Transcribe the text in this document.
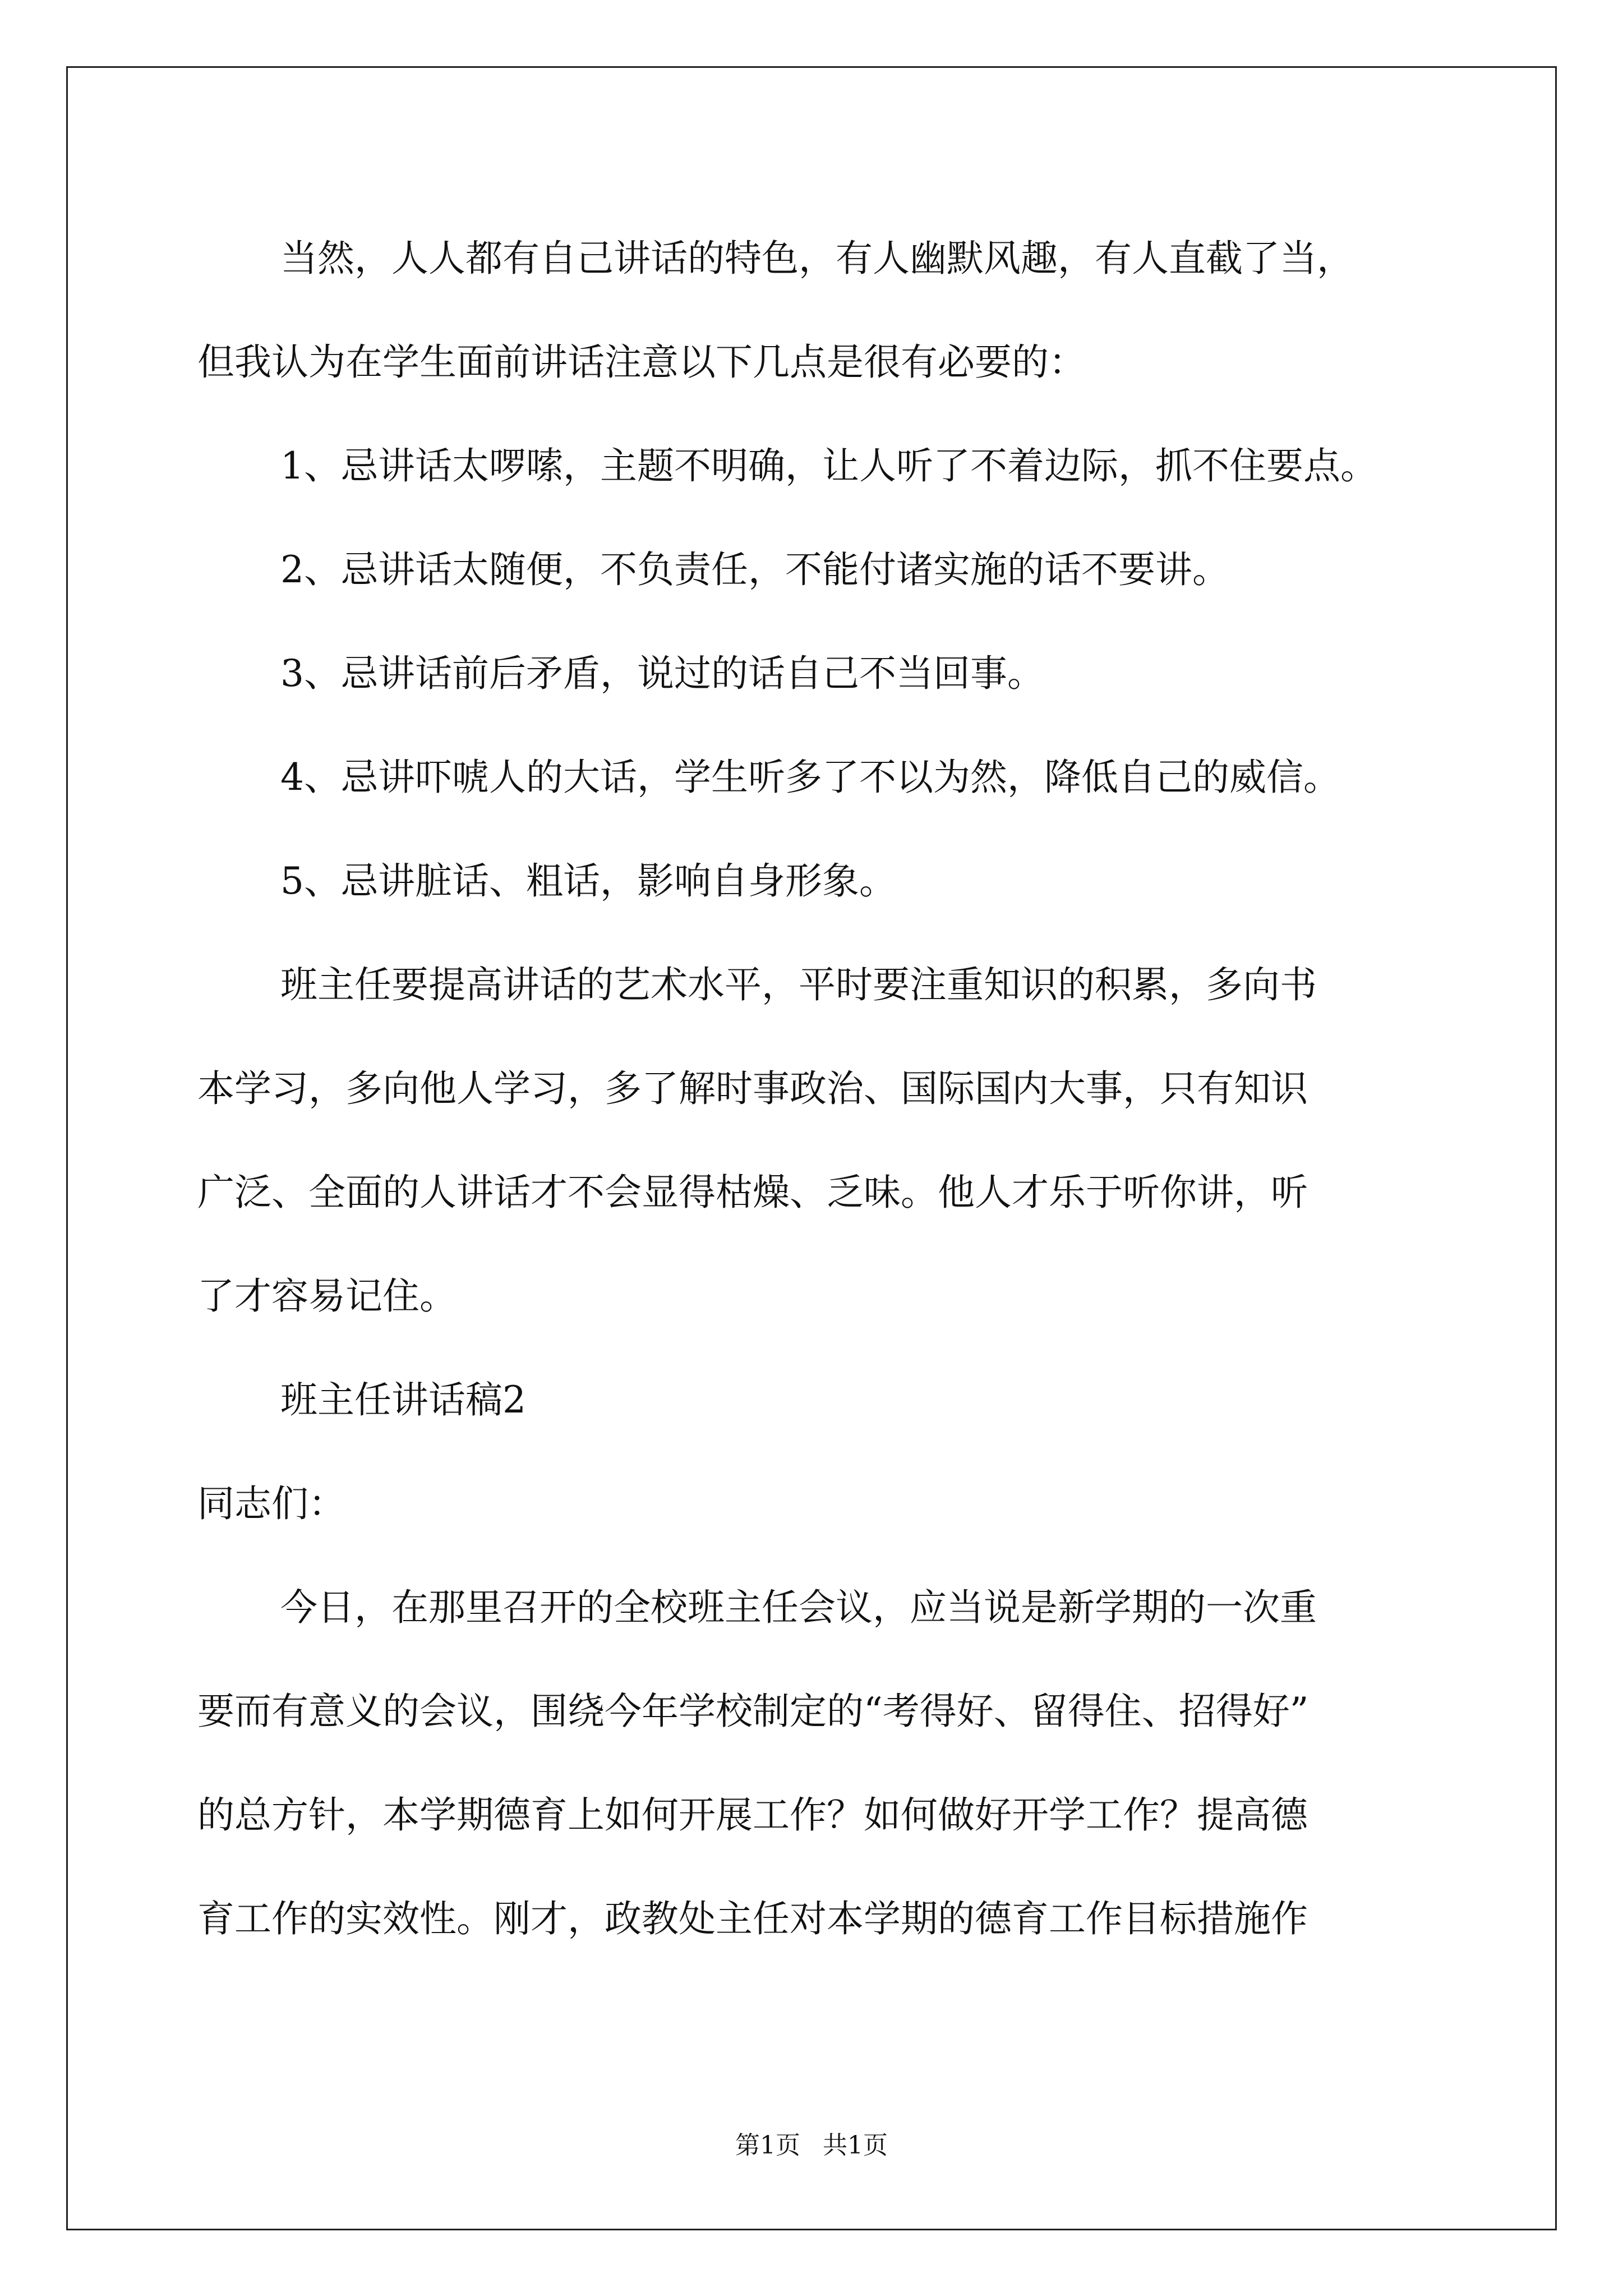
当然，人人都有自己讲话的特色，有人幽默风趣，有人直截了当，

但我认为在学生面前讲话注意以下几点是很有必要的：

1、忌讲话太啰嗦，主题不明确，让人听了不着边际，抓不住要点。

2、忌讲话太随便，不负责任，不能付诸实施的话不要讲。

3、忌讲话前后矛盾，说过的话自己不当回事。

4、忌讲吓唬人的大话，学生听多了不以为然，降低自己的威信。

5、忌讲脏话、粗话，影响自身形象。

班主任要提高讲话的艺术水平，平时要注重知识的积累，多向书

本学习，多向他人学习，多了解时事政治、国际国内大事，只有知识

广泛、全面的人讲话才不会显得枯燥、乏味。他人才乐于听你讲，听

了才容易记住。

班主任讲话稿2

同志们：

今日，在那里召开的全校班主任会议，应当说是新学期的一次重

要而有意义的会议，围绕今年学校制定的“考得好、留得住、招得好”

的总方针，本学期德育上如何开展工作？如何做好开学工作？提高德

育工作的实效性。刚才，政教处主任对本学期的德育工作目标措施作

第1页 共1页
